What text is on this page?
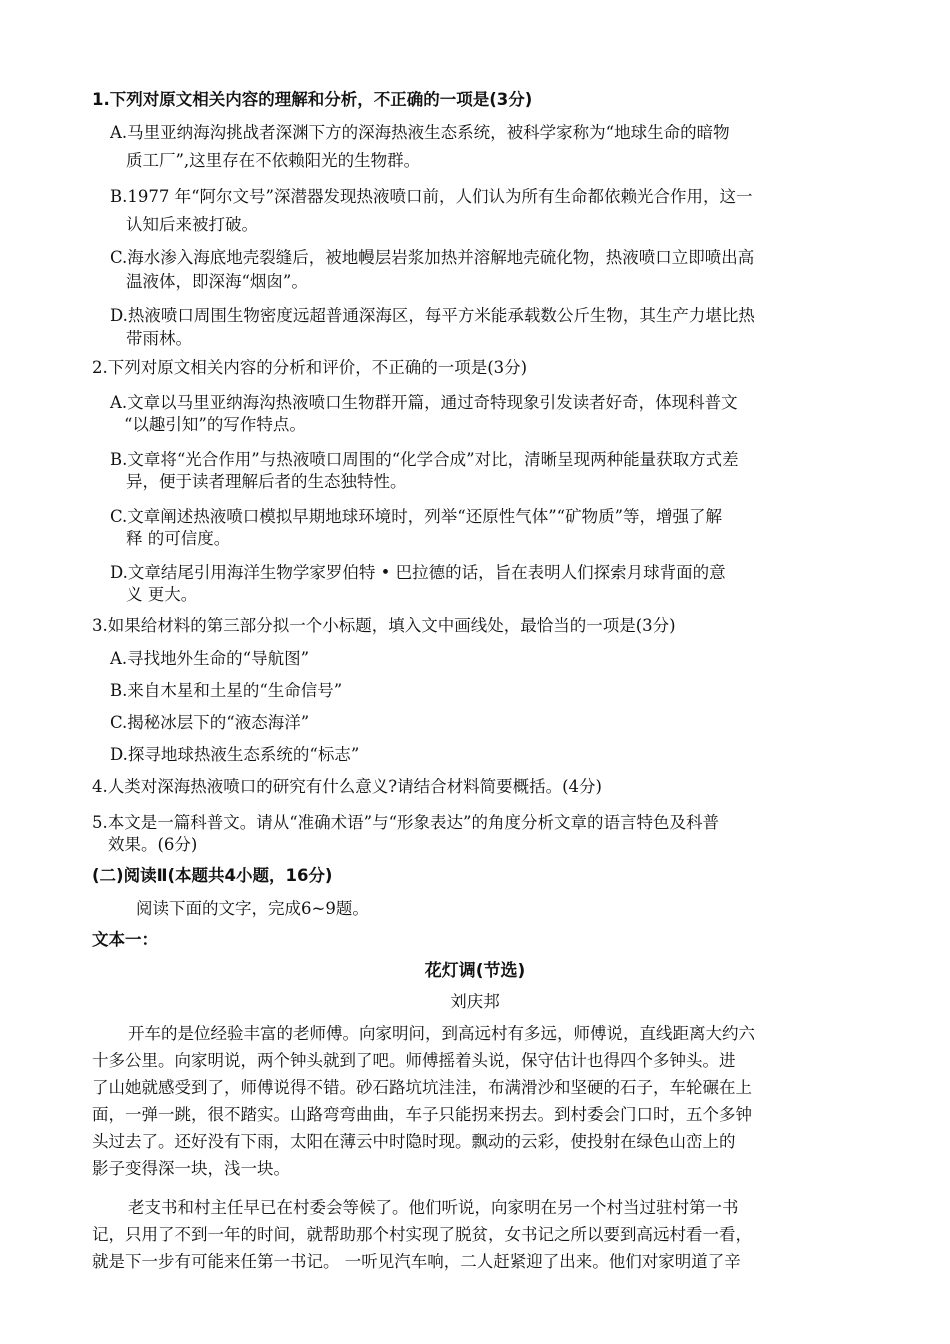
1.下列对原文相关内容的理解和分析，不正确的一项是(3分)
A.马里亚纳海沟挑战者深渊下方的深海热液生态系统，被科学家称为“地球生命的暗物
质工厂”,这里存在不依赖阳光的生物群。
B.1977 年“阿尔文号”深潜器发现热液喷口前，人们认为所有生命都依赖光合作用，这一
认知后来被打破。
C.海水渗入海底地壳裂缝后，被地幔层岩浆加热并溶解地壳硫化物，热液喷口立即喷出高
温液体，即深海“烟囱”。
D.热液喷口周围生物密度远超普通深海区，每平方米能承载数公斤生物，其生产力堪比热
带雨林。
2.下列对原文相关内容的分析和评价，不正确的一项是(3分)
A.文章以马里亚纳海沟热液喷口生物群开篇，通过奇特现象引发读者好奇，体现科普文
“以趣引知”的写作特点。
B.文章将“光合作用”与热液喷口周围的“化学合成”对比，清晰呈现两种能量获取方式差
异，便于读者理解后者的生态独特性。
C.文章阐述热液喷口模拟早期地球环境时，列举“还原性气体”“矿物质”等，增强了解
释 的可信度。
D.文章结尾引用海洋生物学家罗伯特 • 巴拉德的话，旨在表明人们探索月球背面的意
义 更大。
3.如果给材料的第三部分拟一个小标题，填入文中画线处，最恰当的一项是(3分)
A.寻找地外生命的“导航图”
B.来自木星和土星的“生命信号”
C.揭秘冰层下的“液态海洋”
D.探寻地球热液生态系统的“标志”
4.人类对深海热液喷口的研究有什么意义?请结合材料简要概括。(4分)
5.本文是一篇科普文。请从“准确术语”与“形象表达”的角度分析文章的语言特色及科普
效果。(6分)
(二)阅读Ⅱ(本题共4小题，16分)
阅读下面的文字，完成6~9题。
文本一：
花灯调(节选)
刘庆邦
开车的是位经验丰富的老师傅。向家明问，到高远村有多远，师傅说，直线距离大约六
十多公里。向家明说，两个钟头就到了吧。师傅摇着头说，保守估计也得四个多钟头。进
了山她就感受到了，师傅说得不错。砂石路坑坑洼洼，布满滑沙和坚硬的石子，车轮碾在上
面，一弹一跳，很不踏实。山路弯弯曲曲，车子只能拐来拐去。到村委会门口时，五个多钟
头过去了。还好没有下雨，太阳在薄云中时隐时现。飘动的云彩，使投射在绿色山峦上的
影子变得深一块，浅一块。
老支书和村主任早已在村委会等候了。他们听说，向家明在另一个村当过驻村第一书
记，只用了不到一年的时间，就帮助那个村实现了脱贫，女书记之所以要到高远村看一看，
就是下一步有可能来任第一书记。 一听见汽车响，二人赶紧迎了出来。他们对家明道了辛
